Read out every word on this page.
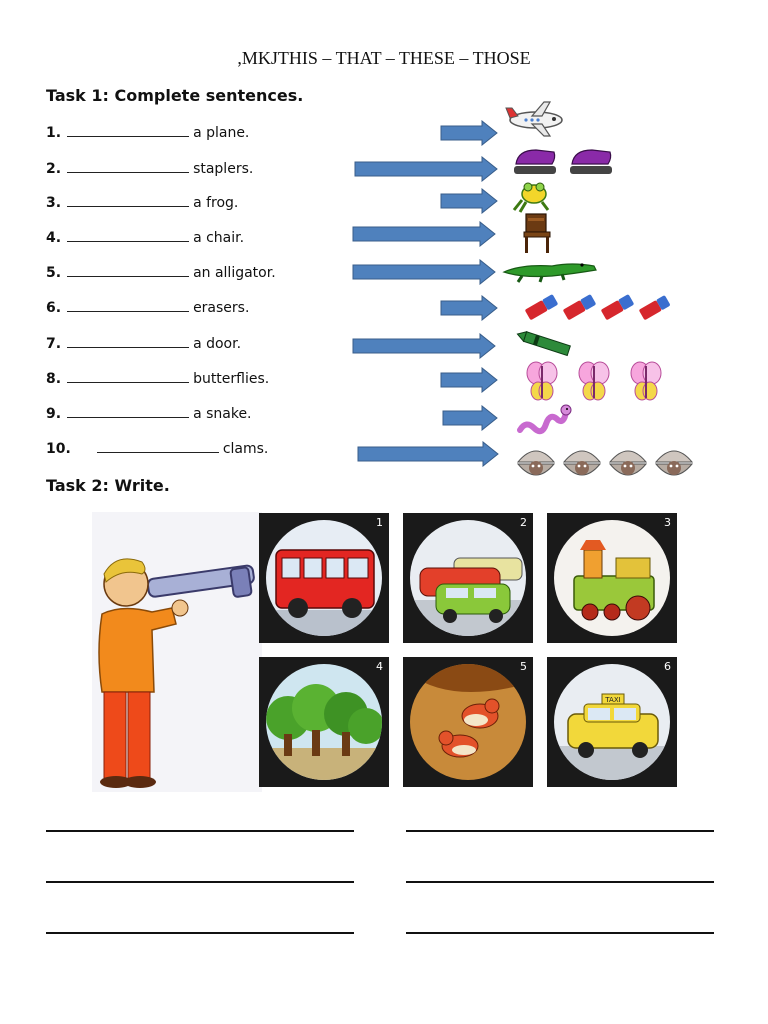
,MKJTHIS – THAT – THESE – THOSE
Task 1: Complete sentences.
1.	a plane.
2.	staplers.
3.	a frog.
4.	a chair.
5.	an alligator.
6.	erasers.
7.	a door.
8.	butterflies.
9.	a snake.
10.	clams.
Task 2: Write.
1	2	3
4	5	6
TAXI
